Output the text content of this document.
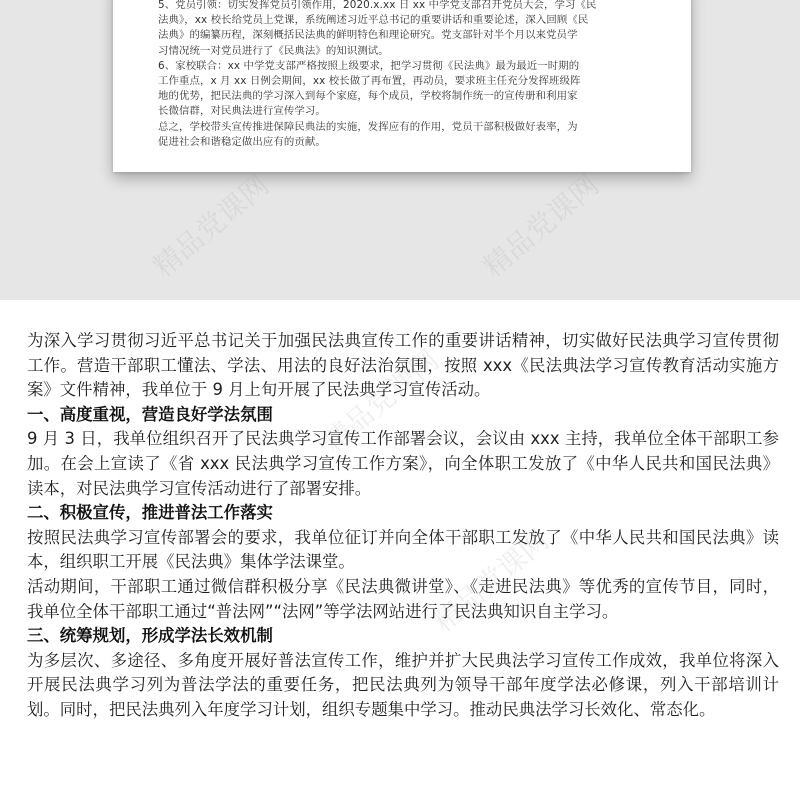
5、党员引领：切实发挥党员引领作用，2020.x.xx 日 xx 中学党支部召开党员大会，学习《民

法典》，xx 校长给党员上党课，系统阐述习近平总书记的重要讲话和重要论述，深入回顾《民

法典》的编纂历程，深刻概括民法典的鲜明特色和理论研究。党支部针对半个月以来党员学

习情况统一对党员进行了《民典法》的知识测试。

6、家校联合：xx 中学党支部严格按照上级要求，把学习贯彻《民法典》最为最近一时期的

工作重点，x 月 xx 日例会期间，xx 校长做了再布置，再动员，要求班主任充分发挥班级阵

地的优势，把民法典的学习深入到每个家庭，每个成员，学校将制作统一的宣传册和利用家

长微信群，对民典法进行宣传学习。

总之，学校带头宣传推进保障民典法的实施，发挥应有的作用，党员干部积极做好表率，为

促进社会和谐稳定做出应有的贡献。

精品党课网
精品党课网

为深入学习贯彻习近平总书记关于加强民法典宣传工作的重要讲话精神，切实做好民法典学习宣传贯彻工作。营造干部职工懂法、学法、用法的良好法治氛围，按照 xxx《民法典法学习宣传教育活动实施方案》文件精神，我单位于 9 月上旬开展了民法典学习宣传活动。

一、高度重视，营造良好学法氛围

9 月 3 日，我单位组织召开了民法典学习宣传工作部署会议，会议由 xxx 主持，我单位全体干部职工参加。在会上宣读了《省 xxx 民法典学习宣传工作方案》，向全体职工发放了《中华人民共和国民法典》读本，对民法典学习宣传活动进行了部署安排。

二、积极宣传，推进普法工作落实

按照民法典学习宣传部署会的要求，我单位征订并向全体干部职工发放了《中华人民共和国民法典》读本，组织职工开展《民法典》集体学法课堂。

活动期间，干部职工通过微信群积极分享《民法典微讲堂》、《走进民法典》等优秀的宣传节目，同时，我单位全体干部职工通过“普法网”“法网”等学法网站进行了民法典知识自主学习。

三、统筹规划，形成学法长效机制

为多层次、多途径、多角度开展好普法宣传工作，维护并扩大民典法学习宣传工作成效，我单位将深入开展民法典学习列为普法学法的重要任务，把民法典列为领导干部年度学法必修课，列入干部培训计划。同时，把民法典列入年度学习计划，组织专题集中学习。推动民典法学习长效化、常态化。
